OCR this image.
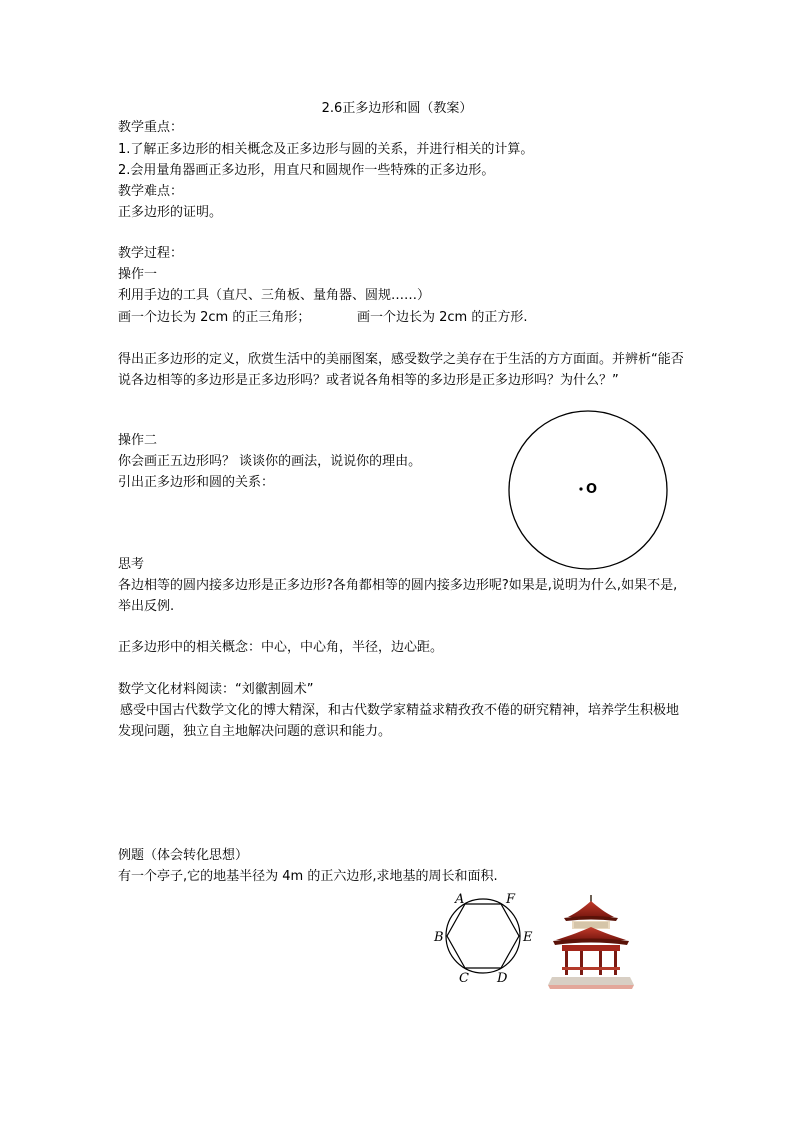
2.6正多边形和圆（教案）
教学重点：
1.了解正多边形的相关概念及正多边形与圆的关系，并进行相关的计算。
2.会用量角器画正多边形，用直尺和圆规作一些特殊的正多边形。
教学难点：
正多边形的证明。
教学过程：
操作一
利用手边的工具（直尺、三角板、量角器、圆规……）
画一个边长为 2cm 的正三角形；	画一个边长为 2cm 的正方形.
得出正多边形的定义，欣赏生活中的美丽图案，感受数学之美存在于生活的方方面面。并辨析“能否说各边相等的多边形是正多边形吗？或者说各角相等的多边形是正多边形吗？为什么？”
操作二
你会画正五边形吗？ 谈谈你的画法，说说你的理由。
引出正多边形和圆的关系：	O
思考
各边相等的圆内接多边形是正多边形?各角都相等的圆内接多边形呢?如果是,说明为什么,如果不是,举出反例.
正多边形中的相关概念：中心，中心角，半径，边心距。
数学文化材料阅读：“刘徽割圆术”
感受中国古代数学文化的博大精深，和古代数学家精益求精孜孜不倦的研究精神，培养学生积极地发现问题，独立自主地解决问题的意识和能力。
例题（体会转化思想）
有一个亭子,它的地基半径为 4m 的正六边形,求地基的周长和面积.
A	F
E
D
C
B
